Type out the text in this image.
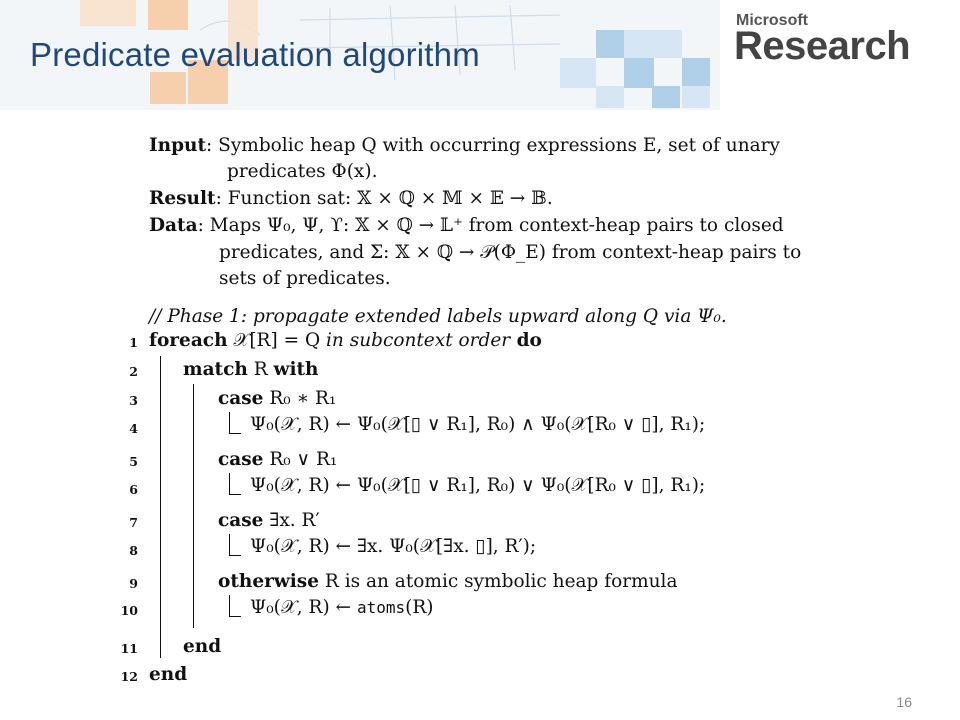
Predicate evaluation algorithm
Microsoft
Research
Input: Symbolic heap Q with occurring expressions E, set of unary
predicates Φ(x).
Result: Function sat: 𝕏 × ℚ × 𝕄 × 𝔼 → 𝔹.
Data: Maps Ψ₀, Ψ, ϒ: 𝕏 × ℚ → 𝕃⁺ from context-heap pairs to closed
predicates, and Σ: 𝕏 × ℚ → 𝒫(Φ_E) from context-heap pairs to
sets of predicates.
// Phase 1: propagate extended labels upward along Q via Ψ₀.
1 foreach 𝒳[R] = Q in subcontext order do
2 match R with
3	case R₀ ∗ R₁
4	Ψ₀(𝒳, R) ← Ψ₀(𝒳[▯ ∨ R₁], R₀) ∧ Ψ₀(𝒳[R₀ ∨ ▯], R₁);
5	case R₀ ∨ R₁
6	Ψ₀(𝒳, R) ← Ψ₀(𝒳[▯ ∨ R₁], R₀) ∨ Ψ₀(𝒳[R₀ ∨ ▯], R₁);
7	case ∃x. R′
8	Ψ₀(𝒳, R) ← ∃x. Ψ₀(𝒳[∃x. ▯], R′);
9	otherwise R is an atomic symbolic heap formula
10	Ψ₀(𝒳, R) ← atoms(R)
11 end
12 end
16
